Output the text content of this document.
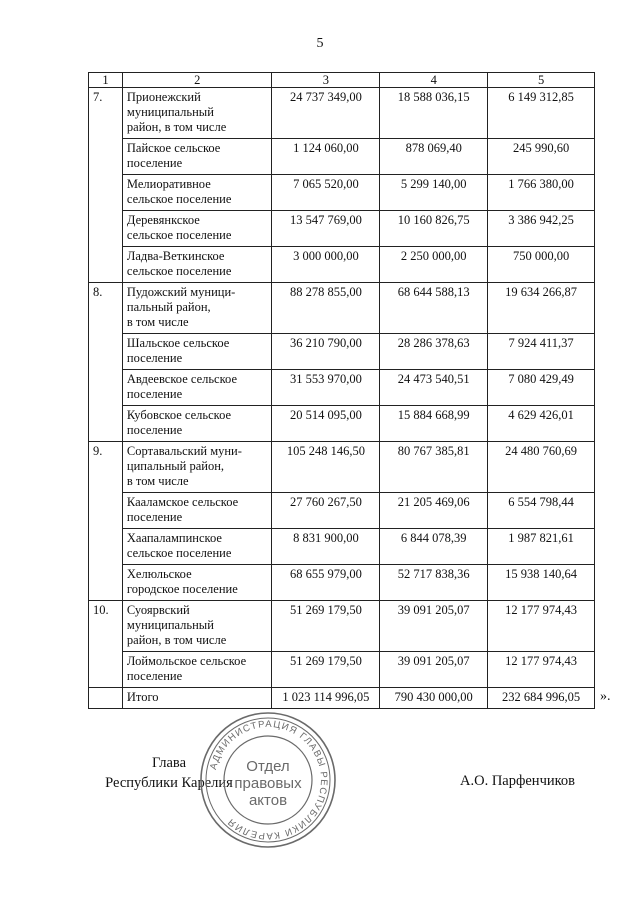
5
1	2	3	4	5
7.	Прионежский
муниципальный
район, в том числе	24 737 349,00	18 588 036,15	6 149 312,85

	Пайское сельское
поселение	1 124 060,00	878 069,40	245 990,60

	Мелиоративное
сельское поселение	7 065 520,00	5 299 140,00	1 766 380,00

	Деревянкское
сельское поселение	13 547 769,00	10 160 826,75	3 386 942,25

	Ладва-Веткинское
сельское поселение	3 000 000,00	2 250 000,00	750 000,00
8.	Пудожский муници-
пальный район,
в том числе	88 278 855,00	68 644 588,13	19 634 266,87

	Шальское сельское
поселение	36 210 790,00	28 286 378,63	7 924 411,37

	Авдеевское сельское
поселение	31 553 970,00	24 473 540,51	7 080 429,49

	Кубовское сельское
поселение	20 514 095,00	15 884 668,99	4 629 426,01
9.	Сортавальский муни-
ципальный район,
в том числе	105 248 146,50	80 767 385,81	24 480 760,69

	Кааламское сельское
поселение	27 760 267,50	21 205 469,06	6 554 798,44

	Хаапалампинское
сельское поселение	8 831 900,00	6 844 078,39	1 987 821,61

	Хелюльское
городское поселение	68 655 979,00	52 717 838,36	15 938 140,64
10.	Суоярвский
муниципальный
район, в том числе	51 269 179,50	39 091 205,07	12 177 974,43

	Лоймольское сельское
поселение	51 269 179,50	39 091 205,07	12 177 974,43
	Итого	1 023 114 996,05	790 430 000,00	232 684 996,05 ».
Глава
Республики Карелия
АДМИНИСТРАЦИЯ ГЛАВЫ РЕСПУБЛИКИ КАРЕЛИЯ
Отдел
правовых
актов
А.О. Парфенчиков
